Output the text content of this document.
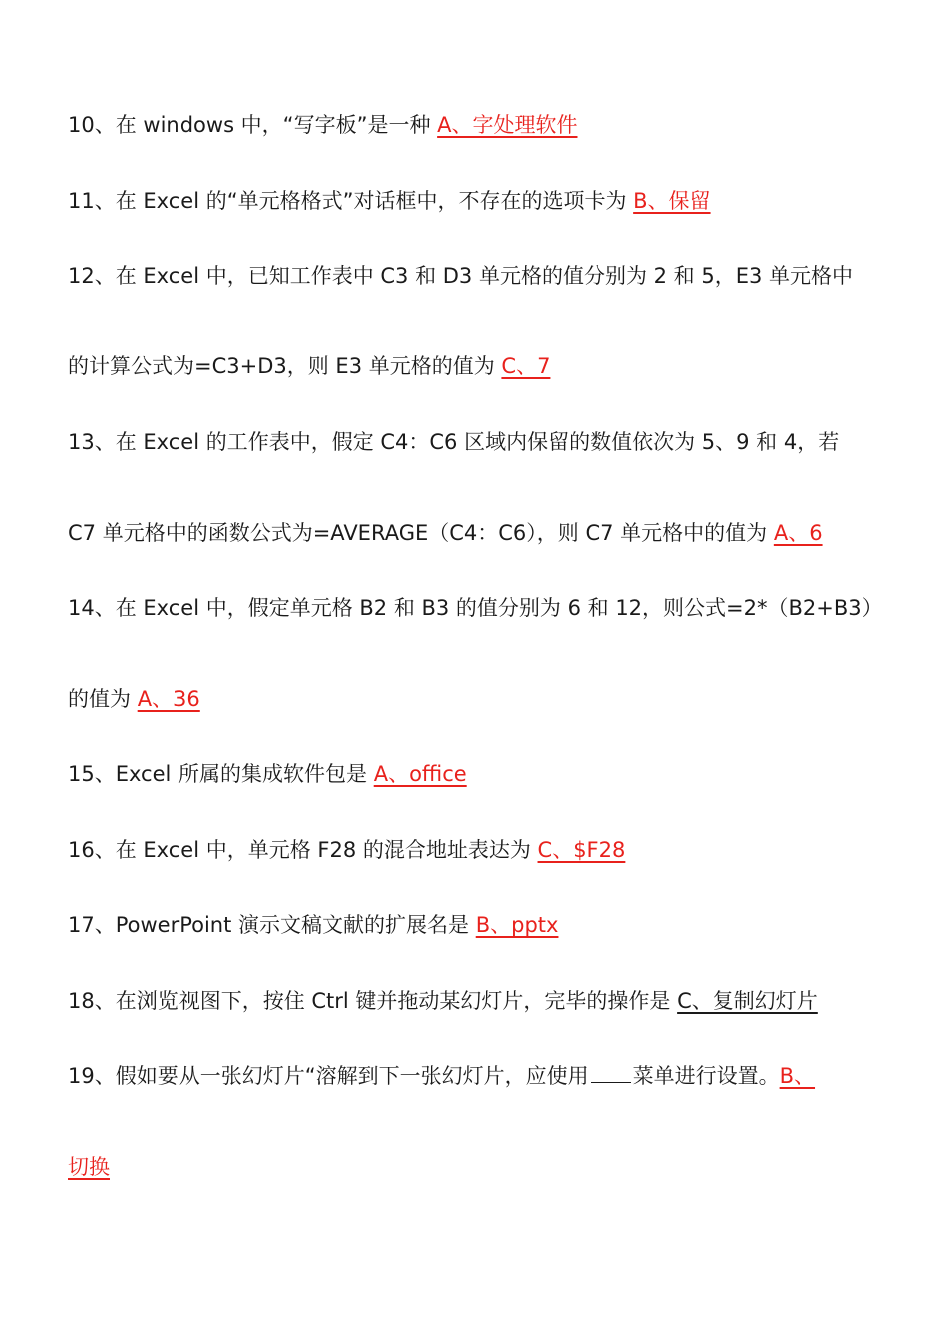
10、在 windows 中，“写字板”是一种 A、字处理软件
11、在 Excel 的“单元格格式”对话框中，不存在的选项卡为 B、保留
12、在 Excel 中，已知工作表中 C3 和 D3 单元格的值分别为 2 和 5，E3 单元格中
的计算公式为=C3+D3，则 E3 单元格的值为 C、7
13、在 Excel 的工作表中，假定 C4：C6 区域内保留的数值依次为 5、9 和 4，若
C7 单元格中的函数公式为=AVERAGE（C4：C6），则 C7 单元格中的值为 A、6
14、在 Excel 中，假定单元格 B2 和 B3 的值分别为 6 和 12，则公式=2*（B2+B3）
的值为 A、36
15、Excel 所属的集成软件包是 A、office
16、在 Excel 中，单元格 F28 的混合地址表达为 C、$F28
17、PowerPoint 演示文稿文献的扩展名是 B、pptx
18、在浏览视图下，按住 Ctrl 键并拖动某幻灯片，完毕的操作是 C、复制幻灯片
19、假如要从一张幻灯片“溶解到下一张幻灯片，应使用 菜单进行设置。B、
切换
